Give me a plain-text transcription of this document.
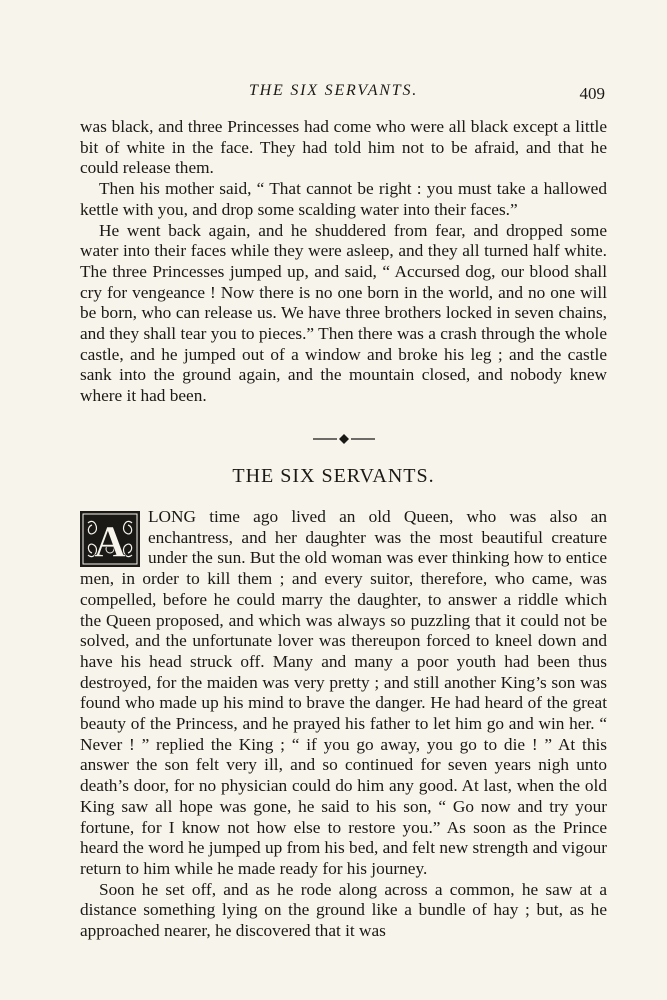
THE SIX SERVANTS.	409

was black, and three Princesses had come who were all black except a little bit of white in the face. They had told him not to be afraid, and that he could release them.

Then his mother said, “ That cannot be right : you must take a hallowed kettle with you, and drop some scalding water into their faces.”

He went back again, and he shuddered from fear, and dropped some water into their faces while they were asleep, and they all turned half white. The three Princesses jumped up, and said, “ Accursed dog, our blood shall cry for vengeance ! Now there is no one born in the world, and no one will be born, who can release us. We have three brothers locked in seven chains, and they shall tear you to pieces.” Then there was a crash through the whole castle, and he jumped out of a window and broke his leg ; and the castle sank into the ground again, and the mountain closed, and nobody knew where it had been.

THE SIX SERVANTS.

A
LONG time ago lived an old Queen, who was also an enchantress, and her daughter was the most beautiful creature under the sun. But the old woman was ever thinking how to entice men, in order to kill them ; and every suitor, therefore, who came, was compelled, before he could marry the daughter, to answer a riddle which the Queen proposed, and which was always so puzzling that it could not be solved, and the unfortunate lover was thereupon forced to kneel down and have his head struck off. Many and many a poor youth had been thus destroyed, for the maiden was very pretty ; and still another King’s son was found who made up his mind to brave the danger. He had heard of the great beauty of the Princess, and he prayed his father to let him go and win her. “ Never ! ” replied the King ; “ if you go away, you go to die ! ” At this answer the son felt very ill, and so continued for seven years nigh unto death’s door, for no physician could do him any good. At last, when the old King saw all hope was gone, he said to his son, “ Go now and try your fortune, for I know not how else to restore you.” As soon as the Prince heard the word he jumped up from his bed, and felt new strength and vigour return to him while he made ready for his journey.

Soon he set off, and as he rode along across a common, he saw at a distance something lying on the ground like a bundle of hay ; but, as he approached nearer, he discovered that it was
